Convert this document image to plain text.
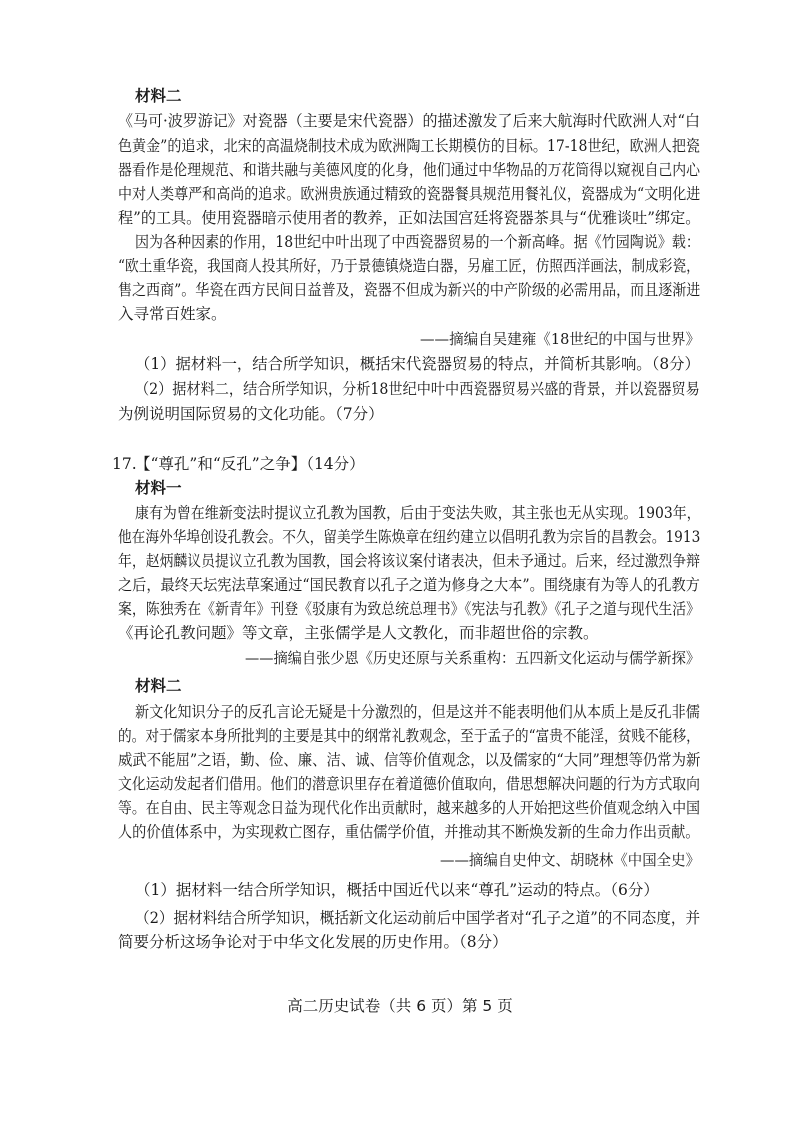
材料二
《马可·波罗游记》对瓷器（主要是宋代瓷器）的描述激发了后来大航海时代欧洲人对“白
色黄金”的追求，北宋的高温烧制技术成为欧洲陶工长期模仿的目标。17-18世纪，欧洲人把瓷
器看作是伦理规范、和谐共融与美德风度的化身，他们通过中华物品的万花筒得以窥视自己内心
中对人类尊严和高尚的追求。欧洲贵族通过精致的瓷器餐具规范用餐礼仪，瓷器成为“文明化进
程”的工具。使用瓷器暗示使用者的教养，正如法国宫廷将瓷器茶具与“优雅谈吐”绑定。
因为各种因素的作用，18世纪中叶出现了中西瓷器贸易的一个新高峰。据《竹园陶说》载：
“欧土重华瓷，我国商人投其所好，乃于景德镇烧造白器，另雇工匠，仿照西洋画法，制成彩瓷，
售之西商”。华瓷在西方民间日益普及，瓷器不但成为新兴的中产阶级的必需用品，而且逐渐进
入寻常百姓家。
——摘编自吴建雍《18世纪的中国与世界》
（1）据材料一，结合所学知识，概括宋代瓷器贸易的特点，并简析其影响。（8分）
（2）据材料二，结合所学知识，分析18世纪中叶中西瓷器贸易兴盛的背景，并以瓷器贸易
为例说明国际贸易的文化功能。（7分）
17.
【“尊孔”和“反孔”之争】（14分）
材料一
康有为曾在维新变法时提议立孔教为国教，后由于变法失败，其主张也无从实现。1903年，
他在海外华埠创设孔教会。不久，留美学生陈焕章在纽约建立以倡明孔教为宗旨的昌教会。1913
年，赵炳麟议员提议立孔教为国教，国会将该议案付诸表决，但未予通过。后来，经过激烈争辩
之后，最终天坛宪法草案通过“国民教育以孔子之道为修身之大本”。围绕康有为等人的孔教方
案，陈独秀在《新青年》刊登《驳康有为致总统总理书》《宪法与孔教》《孔子之道与现代生活》
《再论孔教问题》等文章，主张儒学是人文教化，而非超世俗的宗教。
——摘编自张少恩《历史还原与关系重构：五四新文化运动与儒学新探》
材料二
新文化知识分子的反孔言论无疑是十分激烈的，但是这并不能表明他们从本质上是反孔非儒
的。对于儒家本身所批判的主要是其中的纲常礼教观念，至于孟子的“富贵不能淫，贫贱不能移，
威武不能屈”之语，勤、俭、廉、洁、诚、信等价值观念，以及儒家的“大同”理想等仍常为新
文化运动发起者们借用。他们的潜意识里存在着道德价值取向，借思想解决问题的行为方式取向
等。在自由、民主等观念日益为现代化作出贡献时，越来越多的人开始把这些价值观念纳入中国
人的价值体系中，为实现救亡图存，重估儒学价值，并推动其不断焕发新的生命力作出贡献。
——摘编自史仲文、胡晓林《中国全史》
（1）据材料一结合所学知识，概括中国近代以来“尊孔”运动的特点。（6分）
（2）据材料结合所学知识，概括新文化运动前后中国学者对“孔子之道”的不同态度，并
简要分析这场争论对于中华文化发展的历史作用。（8分）
高二历史试卷（共 6 页）第 5 页
